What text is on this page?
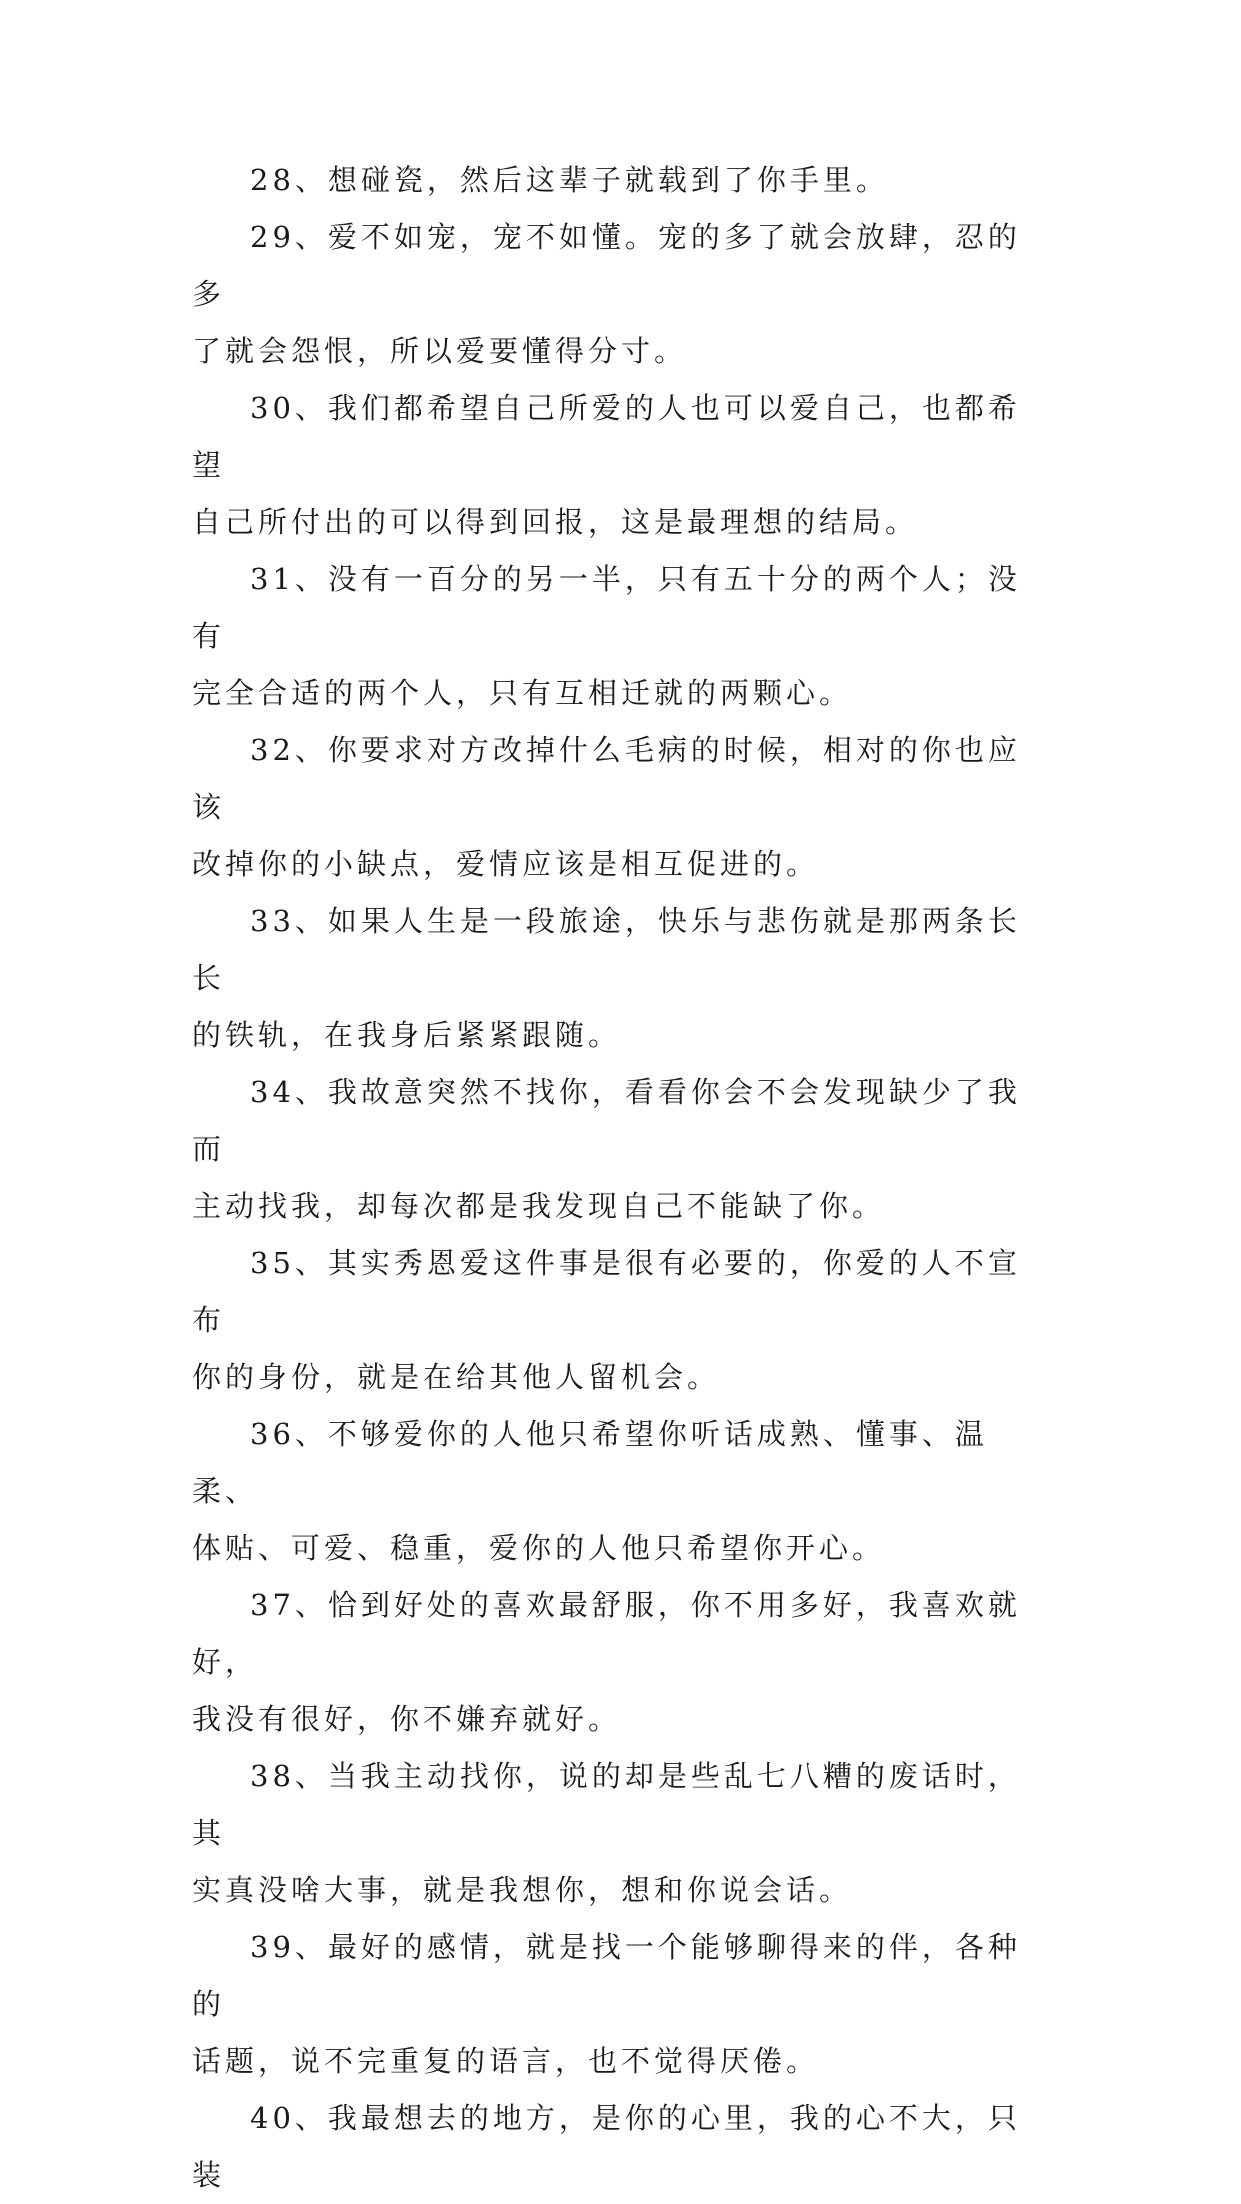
28、想碰瓷，然后这辈子就载到了你手里。

29、爱不如宠，宠不如懂。宠的多了就会放肆，忍的多
了就会怨恨，所以爱要懂得分寸。

30、我们都希望自己所爱的人也可以爱自己，也都希望
自己所付出的可以得到回报，这是最理想的结局。

31、没有一百分的另一半，只有五十分的两个人；没有
完全合适的两个人，只有互相迁就的两颗心。

32、你要求对方改掉什么毛病的时候，相对的你也应该
改掉你的小缺点，爱情应该是相互促进的。

33、如果人生是一段旅途，快乐与悲伤就是那两条长长
的铁轨，在我身后紧紧跟随。

34、我故意突然不找你，看看你会不会发现缺少了我而
主动找我，却每次都是我发现自己不能缺了你。

35、其实秀恩爱这件事是很有必要的，你爱的人不宣布
你的身份，就是在给其他人留机会。

36、不够爱你的人他只希望你听话成熟、懂事、温柔、
体贴、可爱、稳重，爱你的人他只希望你开心。

37、恰到好处的喜欢最舒服，你不用多好，我喜欢就好，
我没有很好，你不嫌弃就好。

38、当我主动找你，说的却是些乱七八糟的废话时，其
实真没啥大事，就是我想你，想和你说会话。

39、最好的感情，就是找一个能够聊得来的伴，各种的
话题，说不完重复的语言，也不觉得厌倦。

40、我最想去的地方，是你的心里，我的心不大，只装
